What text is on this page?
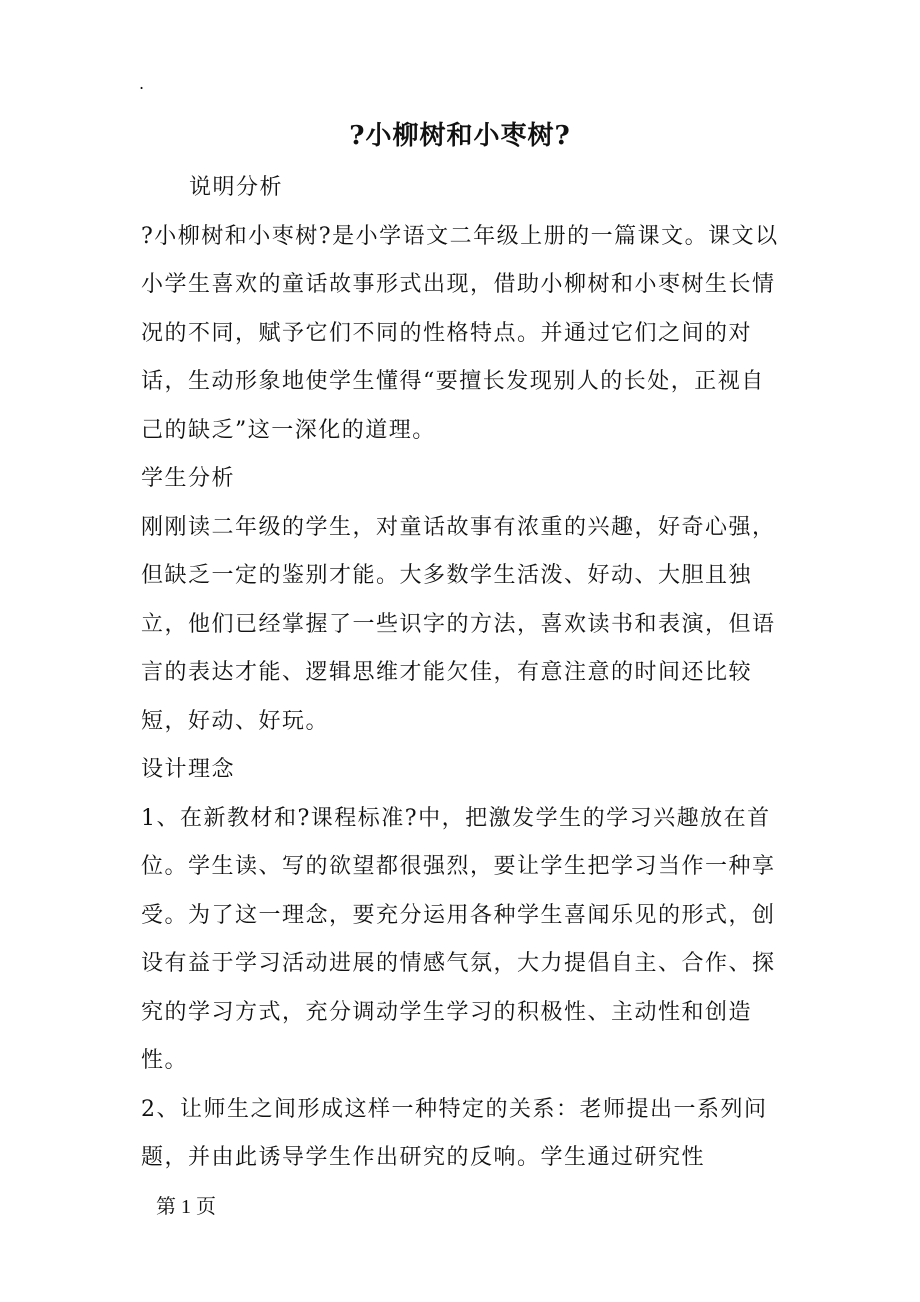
.
?小柳树和小枣树?

说明分析

?小柳树和小枣树?是小学语文二年级上册的一篇课文。课文以小学生喜欢的童话故事形式出现，借助小柳树和小枣树生长情况的不同，赋予它们不同的性格特点。并通过它们之间的对话，生动形象地使学生懂得“要擅长发现别人的长处，正视自己的缺乏”这一深化的道理。

学生分析

刚刚读二年级的学生，对童话故事有浓重的兴趣，好奇心强，但缺乏一定的鉴别才能。大多数学生活泼、好动、大胆且独立，他们已经掌握了一些识字的方法，喜欢读书和表演，但语言的表达才能、逻辑思维才能欠佳，有意注意的时间还比较短，好动、好玩。

设计理念

1、在新教材和?课程标准?中，把激发学生的学习兴趣放在首位。学生读、写的欲望都很强烈，要让学生把学习当作一种享受。为了这一理念，要充分运用各种学生喜闻乐见的形式，创设有益于学习活动进展的情感气氛，大力提倡自主、合作、探究的学习方式，充分调动学生学习的积极性、主动性和创造性。

2、让师生之间形成这样一种特定的关系：老师提出一系列问题，并由此诱导学生作出研究的反响。学生通过研究性

第 1 页
